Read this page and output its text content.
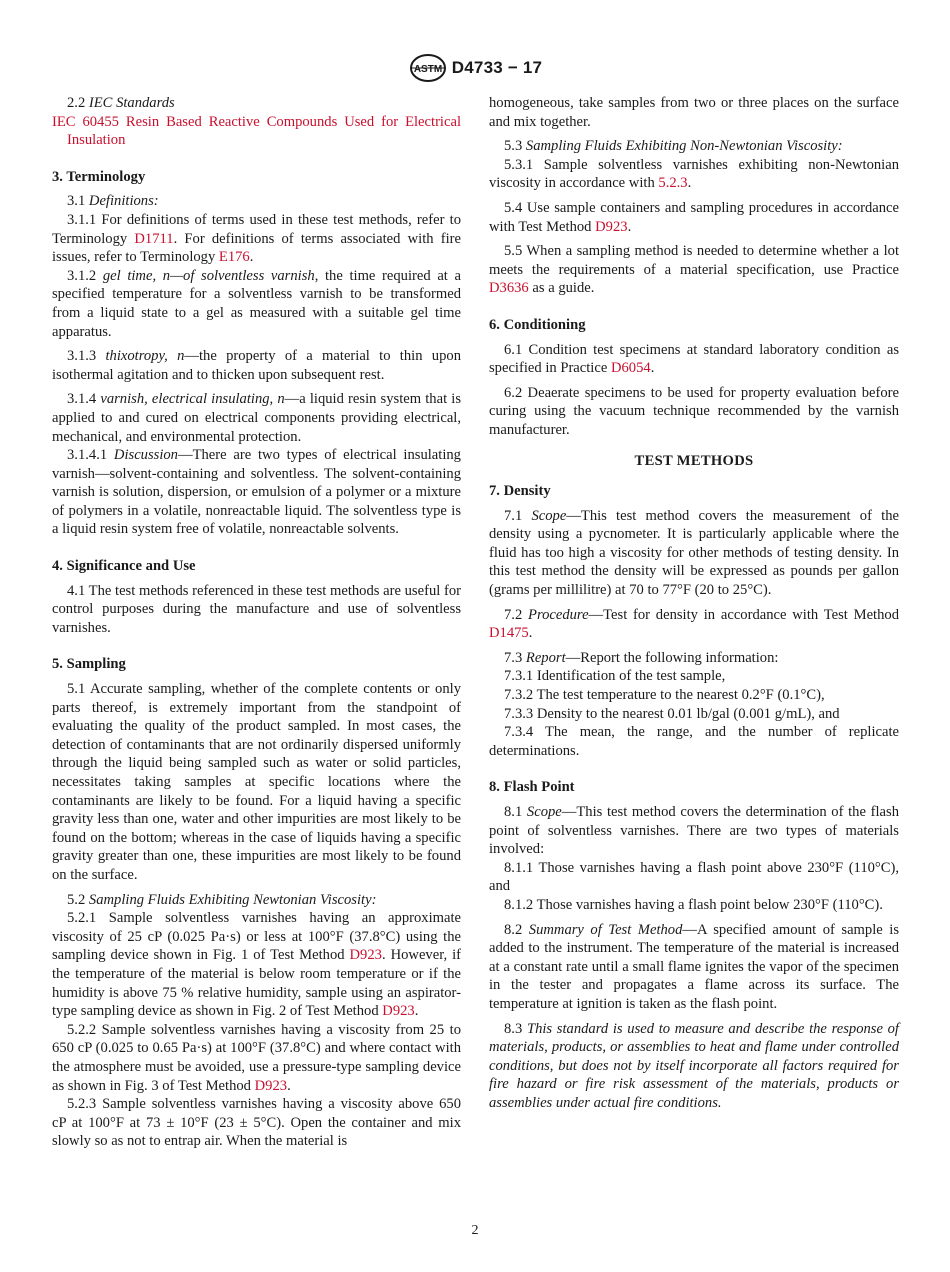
ASTM D4733 − 17

2.2 IEC Standards

IEC 60455 Resin Based Reactive Compounds Used for Electrical Insulation

3. Terminology

3.1 Definitions:

3.1.1 For definitions of terms used in these test methods, refer to Terminology D1711. For definitions of terms associated with fire issues, refer to Terminology E176.

3.1.2 gel time, n—of solventless varnish, the time required at a specified temperature for a solventless varnish to be transformed from a liquid state to a gel as measured with a suitable gel time apparatus.

3.1.3 thixotropy, n—the property of a material to thin upon isothermal agitation and to thicken upon subsequent rest.

3.1.4 varnish, electrical insulating, n—a liquid resin system that is applied to and cured on electrical components providing electrical, mechanical, and environmental protection.

3.1.4.1 Discussion—There are two types of electrical insulating varnish—solvent-containing and solventless. The solvent-containing varnish is solution, dispersion, or emulsion of a polymer or a mixture of polymers in a volatile, nonreactable liquid. The solventless type is a liquid resin system free of volatile, nonreactable solvents.

4. Significance and Use

4.1 The test methods referenced in these test methods are useful for control purposes during the manufacture and use of solventless varnishes.

5. Sampling

5.1 Accurate sampling, whether of the complete contents or only parts thereof, is extremely important from the standpoint of evaluating the quality of the product sampled. In most cases, the detection of contaminants that are not ordinarily dispersed uniformly through the liquid being sampled such as water or solid particles, necessitates taking samples at specific locations where the contaminants are likely to be found. For a liquid having a specific gravity less than one, water and other impurities are most likely to be found on the bottom; whereas in the case of liquids having a specific gravity greater than one, these impurities are most likely to be found on the surface.

5.2 Sampling Fluids Exhibiting Newtonian Viscosity:

5.2.1 Sample solventless varnishes having an approximate viscosity of 25 cP (0.025 Pa·s) or less at 100°F (37.8°C) using the sampling device shown in Fig. 1 of Test Method D923. However, if the temperature of the material is below room temperature or if the humidity is above 75 % relative humidity, sample using an aspirator-type sampling device as shown in Fig. 2 of Test Method D923.

5.2.2 Sample solventless varnishes having a viscosity from 25 to 650 cP (0.025 to 0.65 Pa·s) at 100°F (37.8°C) and where contact with the atmosphere must be avoided, use a pressure-type sampling device as shown in Fig. 3 of Test Method D923.

5.2.3 Sample solventless varnishes having a viscosity above 650 cP at 100°F at 73 ± 10°F (23 ± 5°C). Open the container and mix slowly so as not to entrap air. When the material is

homogeneous, take samples from two or three places on the surface and mix together.

5.3 Sampling Fluids Exhibiting Non-Newtonian Viscosity:

5.3.1 Sample solventless varnishes exhibiting non-Newtonian viscosity in accordance with 5.2.3.

5.4 Use sample containers and sampling procedures in accordance with Test Method D923.

5.5 When a sampling method is needed to determine whether a lot meets the requirements of a material specification, use Practice D3636 as a guide.

6. Conditioning

6.1 Condition test specimens at standard laboratory condition as specified in Practice D6054.

6.2 Deaerate specimens to be used for property evaluation before curing using the vacuum technique recommended by the varnish manufacturer.

TEST METHODS

7. Density

7.1 Scope—This test method covers the measurement of the density using a pycnometer. It is particularly applicable where the fluid has too high a viscosity for other methods of testing density. In this test method the density will be expressed as pounds per gallon (grams per millilitre) at 70 to 77°F (20 to 25°C).

7.2 Procedure—Test for density in accordance with Test Method D1475.

7.3 Report—Report the following information:

7.3.1 Identification of the test sample,

7.3.2 The test temperature to the nearest 0.2°F (0.1°C),

7.3.3 Density to the nearest 0.01 lb/gal (0.001 g/mL), and

7.3.4 The mean, the range, and the number of replicate determinations.

8. Flash Point

8.1 Scope—This test method covers the determination of the flash point of solventless varnishes. There are two types of materials involved:

8.1.1 Those varnishes having a flash point above 230°F (110°C), and

8.1.2 Those varnishes having a flash point below 230°F (110°C).

8.2 Summary of Test Method—A specified amount of sample is added to the instrument. The temperature of the material is increased at a constant rate until a small flame ignites the vapor of the specimen in the tester and propagates a flame across its surface. The temperature at ignition is taken as the flash point.

8.3 This standard is used to measure and describe the response of materials, products, or assemblies to heat and flame under controlled conditions, but does not by itself incorporate all factors required for fire hazard or fire risk assessment of the materials, products or assemblies under actual fire conditions.

2
